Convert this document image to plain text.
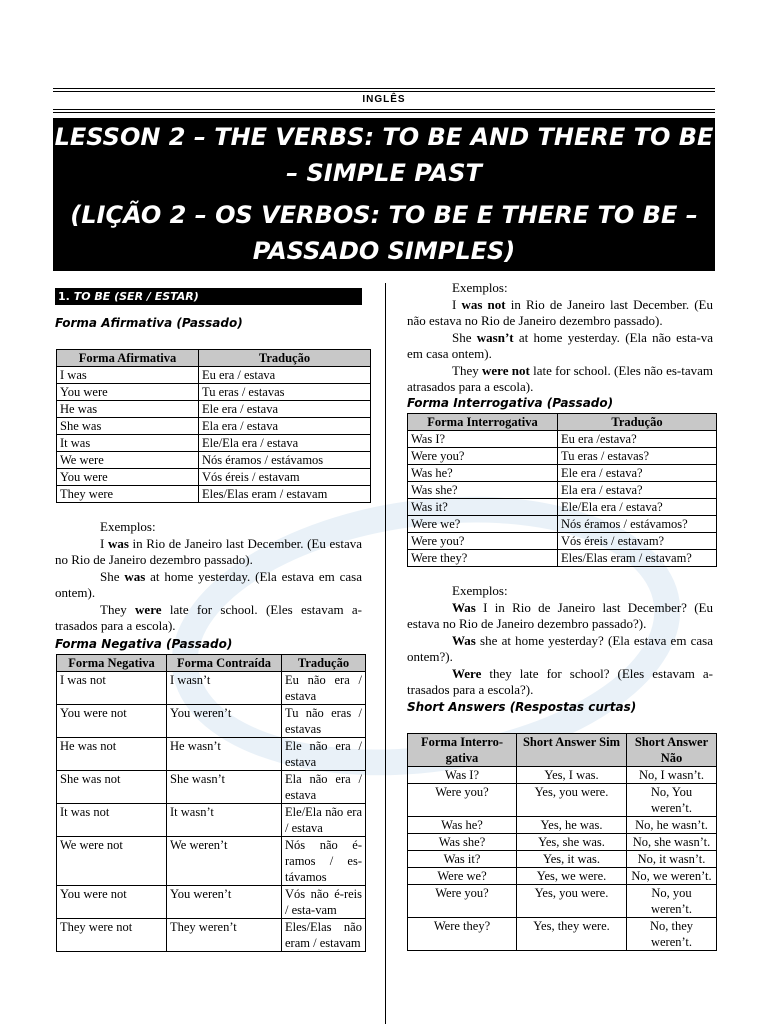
INGLÊS
LESSON 2 – THE VERBS: TO BE AND THERE TO BE – SIMPLE PAST
(LIÇÃO 2 – OS VERBOS: TO BE E THERE TO BE – PASSADO SIMPLES)
1. TO BE (SER / ESTAR)
Forma Afirmativa (Passado)
Forma Afirmativa	Tradução
I was	Eu era / estava
You were	Tu eras / estavas
He was	Ele era / estava
She was	Ela era / estava
It was	Ele/Ela era / estava
We were	Nós éramos / estávamos
You were	Vós éreis / estavam
They were	Eles/Elas eram / estavam

Exemplos:

I was in Rio de Janeiro last December. (Eu estava no Rio de Janeiro dezembro passado).

She was at home yesterday. (Ela estava em casa ontem).

They were late for school. (Eles estavam a-trasados para a escola).

Forma Negativa (Passado)
Forma Negativa	Forma Contraída	Tradução
I was not	I wasn’t	Eu não era / estava
You were not	You weren’t	Tu não eras / estavas
He was not	He wasn’t	Ele não era / estava
She was not	She wasn’t	Ela não era / estava
It was not	It wasn’t	Ele/Ela não era / estava
We were not	We weren’t	Nós não é-ramos / es-távamos
You were not	You weren’t	Vós não é-reis / esta-vam
They were not	They weren’t	Eles/Elas não eram / estavam

Exemplos:

I was not in Rio de Janeiro last December. (Eu não estava no Rio de Janeiro dezembro passado).

She wasn’t at home yesterday. (Ela não esta-va em casa ontem).

They were not late for school. (Eles não es-tavam atrasados para a escola).

Forma Interrogativa (Passado)
Forma Interrogativa	Tradução
Was I?	Eu era /estava?
Were you?	Tu eras / estavas?
Was he?	Ele era / estava?
Was she?	Ela era / estava?
Was it?	Ele/Ela era / estava?
Were we?	Nós éramos / estávamos?
Were you?	Vós éreis / estavam?
Were they?	Eles/Elas eram / estavam?

Exemplos:

Was I in Rio de Janeiro last December? (Eu estava no Rio de Janeiro dezembro passado?).

Was she at home yesterday? (Ela estava em casa ontem?).

Were they late for school? (Eles estavam a-trasados para a escola?).

Short Answers (Respostas curtas)
Forma Interro-gativa	Short Answer Sim	Short Answer Não
Was I?	Yes, I was.	No, I wasn’t.
Were you?	Yes, you were.	No, You weren’t.
Was he?	Yes, he was.	No, he wasn’t.
Was she?	Yes, she was.	No, she wasn’t.
Was it?	Yes, it was.	No, it wasn’t.
Were we?	Yes, we were.	No, we weren’t.
Were you?	Yes, you were.	No, you weren’t.
Were they?	Yes, they were.	No, they weren’t.
